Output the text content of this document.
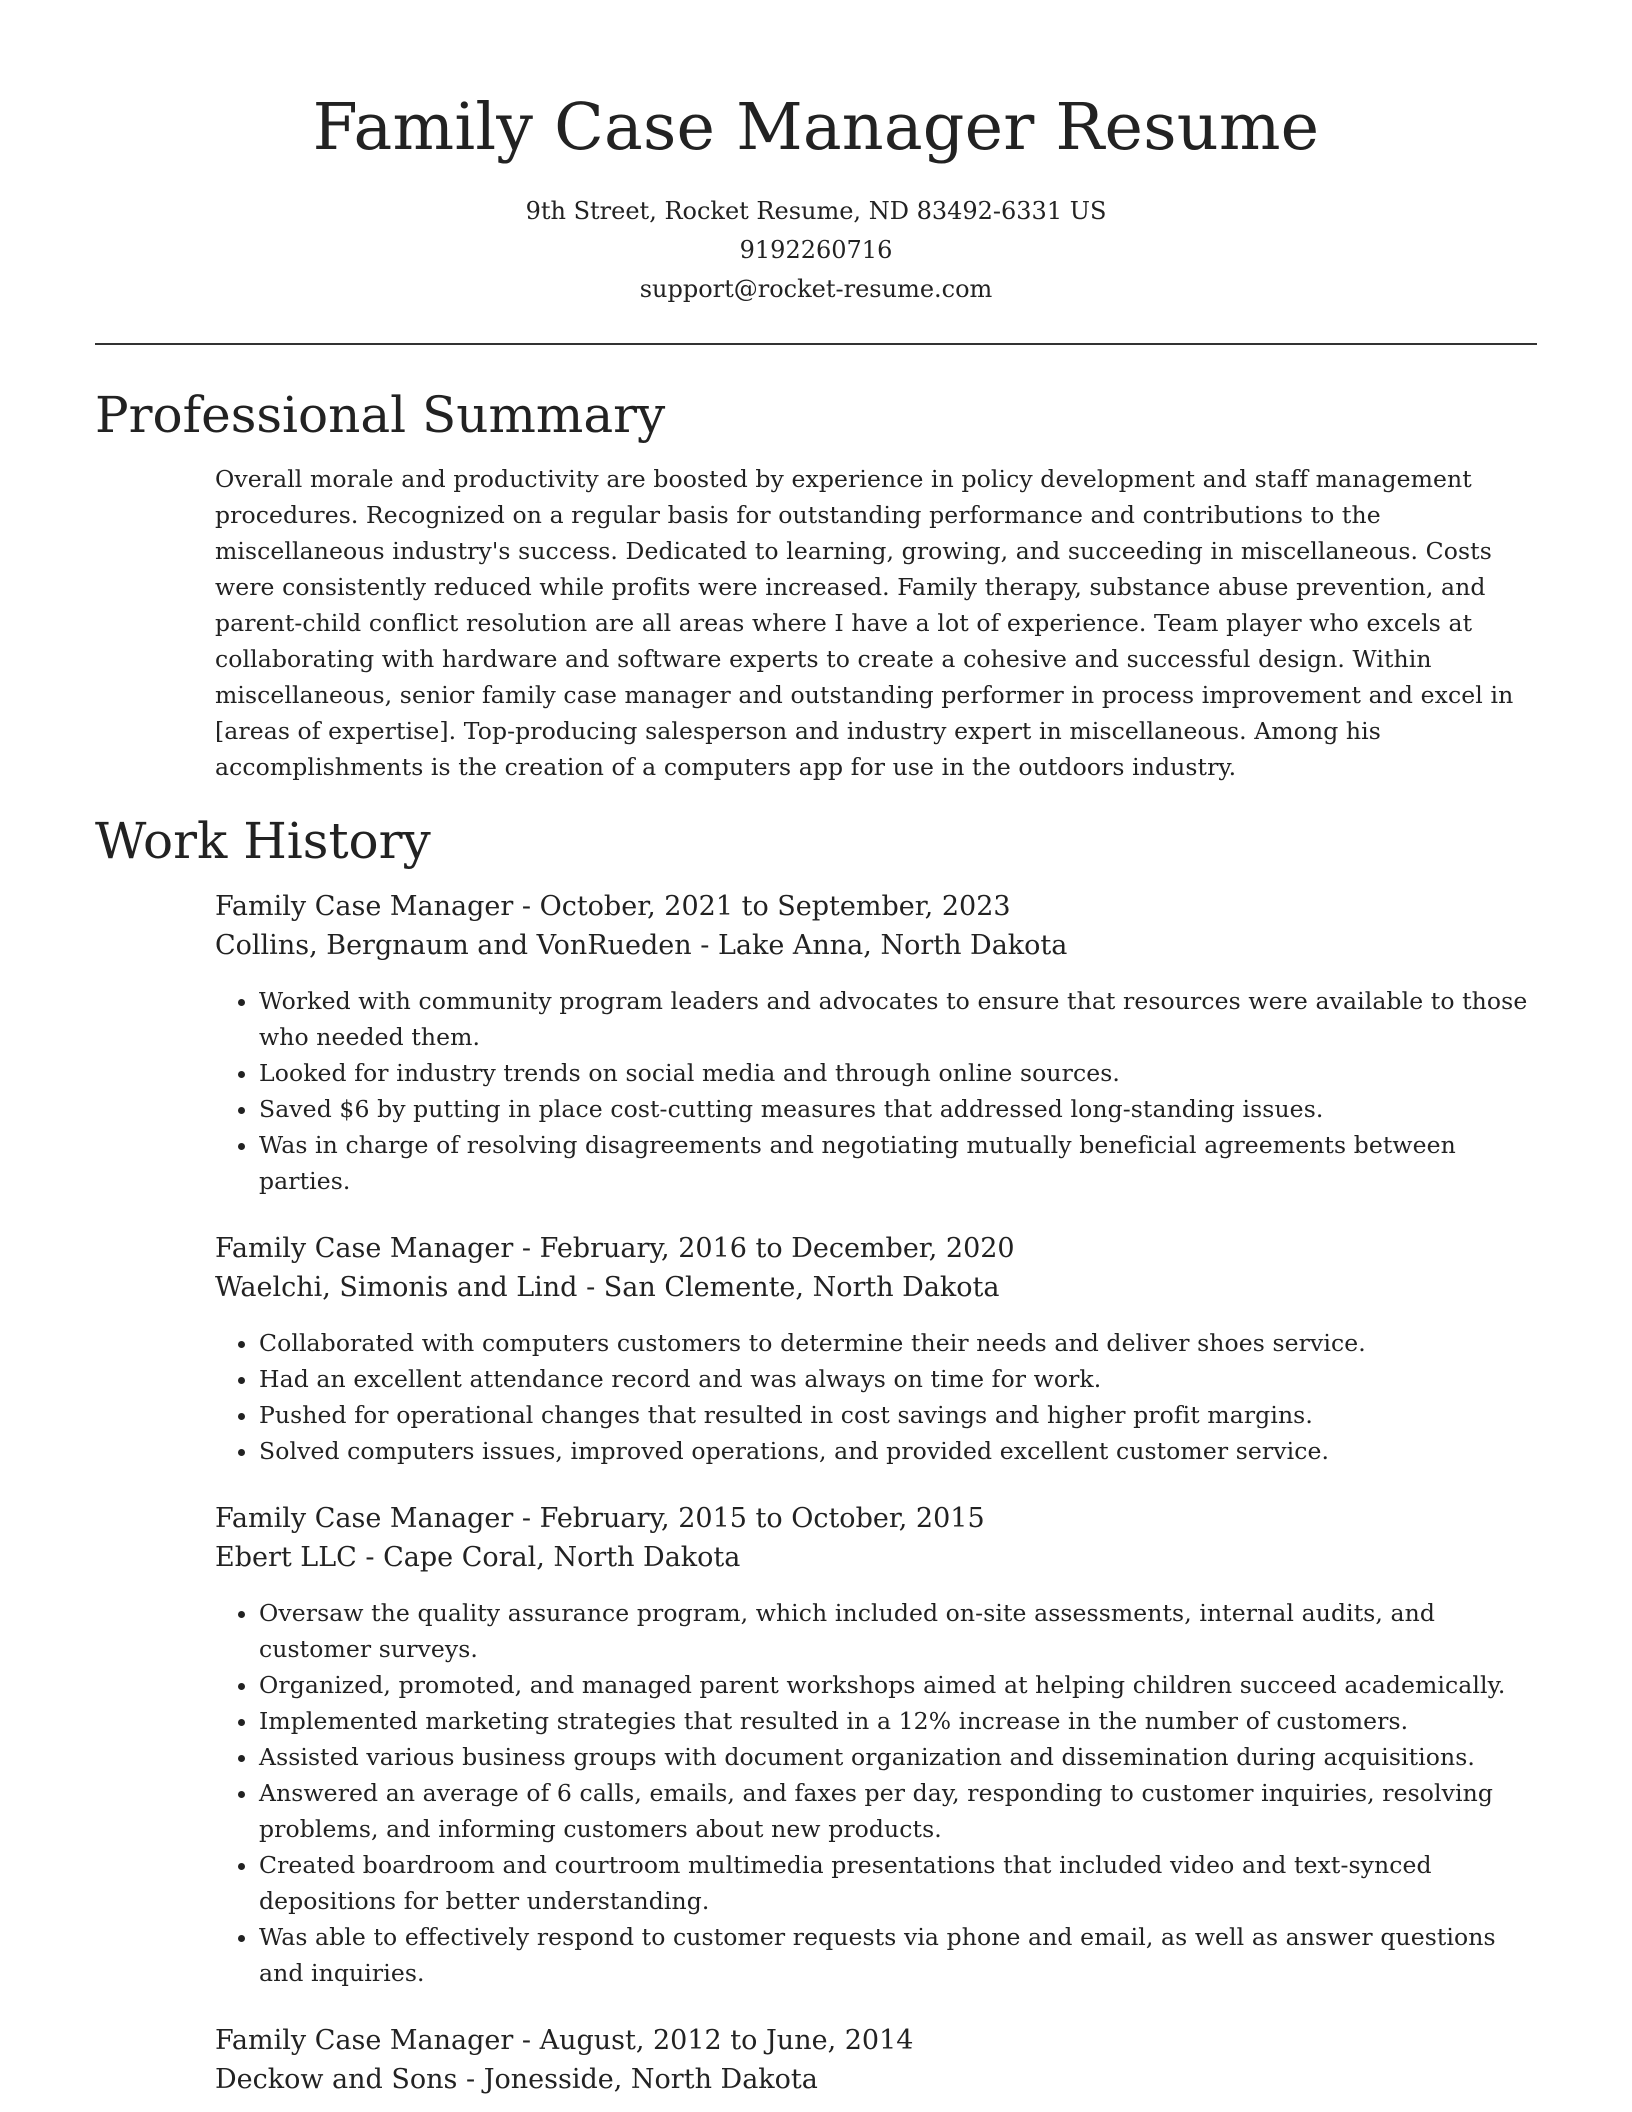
Family Case Manager Resume
9th Street, Rocket Resume, ND 83492-6331 US
9192260716
support@rocket-resume.com
Professional Summary

Overall morale and productivity are boosted by experience in policy development and staff management procedures. Recognized on a regular basis for outstanding performance and contributions to the miscellaneous industry's success. Dedicated to learning, growing, and succeeding in miscellaneous. Costs were consistently reduced while profits were increased. Family therapy, substance abuse prevention, and parent-child conflict resolution are all areas where I have a lot of experience. Team player who excels at collaborating with hardware and software experts to create a cohesive and successful design. Within miscellaneous, senior family case manager and outstanding performer in process improvement and excel in [areas of expertise]. Top-producing salesperson and industry expert in miscellaneous. Among his accomplishments is the creation of a computers app for use in the outdoors industry.

Work History
Family Case Manager - October, 2021 to September, 2023
Collins, Bergnaum and VonRueden - Lake Anna, North Dakota
• Worked with community program leaders and advocates to ensure that resources were available to those who needed them.
• Looked for industry trends on social media and through online sources.
• Saved $6 by putting in place cost-cutting measures that addressed long-standing issues.
• Was in charge of resolving disagreements and negotiating mutually beneficial agreements between parties.
Family Case Manager - February, 2016 to December, 2020
Waelchi, Simonis and Lind - San Clemente, North Dakota
• Collaborated with computers customers to determine their needs and deliver shoes service.
• Had an excellent attendance record and was always on time for work.
• Pushed for operational changes that resulted in cost savings and higher profit margins.
• Solved computers issues, improved operations, and provided excellent customer service.
Family Case Manager - February, 2015 to October, 2015
Ebert LLC - Cape Coral, North Dakota
• Oversaw the quality assurance program, which included on-site assessments, internal audits, and customer surveys.
• Organized, promoted, and managed parent workshops aimed at helping children succeed academically.
• Implemented marketing strategies that resulted in a 12% increase in the number of customers.
• Assisted various business groups with document organization and dissemination during acquisitions.
• Answered an average of 6 calls, emails, and faxes per day, responding to customer inquiries, resolving problems, and informing customers about new products.
• Created boardroom and courtroom multimedia presentations that included video and text-synced depositions for better understanding.
• Was able to effectively respond to customer requests via phone and email, as well as answer questions and inquiries.
Family Case Manager - August, 2012 to June, 2014
Deckow and Sons - Jonesside, North Dakota
